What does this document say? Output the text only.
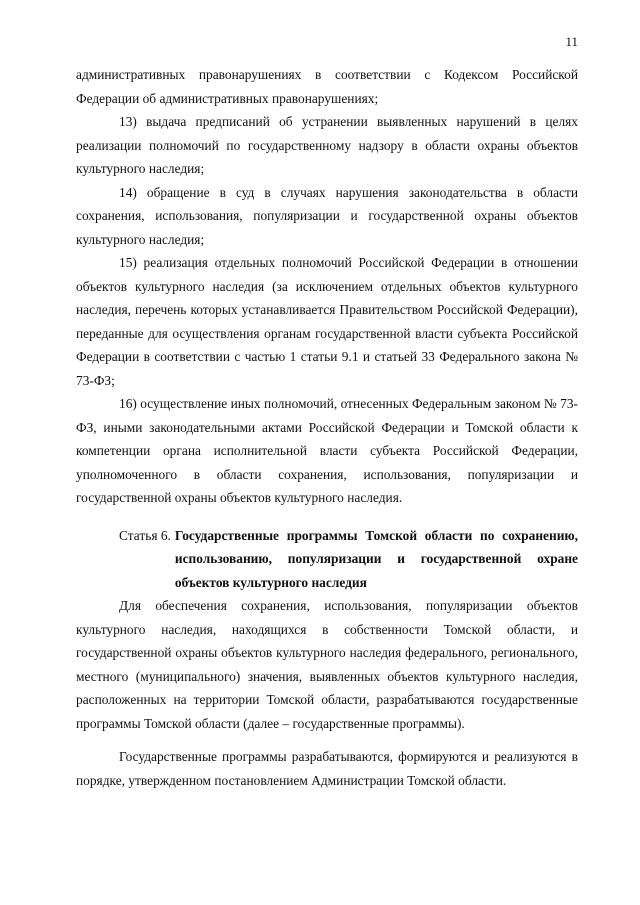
11

административных правонарушениях в соответствии с Кодексом Российской Федерации об административных правонарушениях;

13) выдача предписаний об устранении выявленных нарушений в целях реализации полномочий по государственному надзору в области охраны объектов культурного наследия;

14) обращение в суд в случаях нарушения законодательства в области сохранения, использования, популяризации и государственной охраны объектов культурного наследия;

15) реализация отдельных полномочий Российской Федерации в отношении объектов культурного наследия (за исключением отдельных объектов культурного наследия, перечень которых устанавливается Правительством Российской Федерации), переданные для осуществления органам государственной власти субъекта Российской Федерации в соответствии с частью 1 статьи 9.1 и статьей 33 Федерального закона № 73-ФЗ;

16) осуществление иных полномочий, отнесенных Федеральным законом № 73-ФЗ, иными законодательными актами Российской Федерации и Томской области к компетенции органа исполнительной власти субъекта Российской Федерации, уполномоченного в области сохранения, использования, популяризации и государственной охраны объектов культурного наследия.

Статья 6. Государственные программы Томской области по сохранению, использованию, популяризации и государственной охране объектов культурного наследия

Для обеспечения сохранения, использования, популяризации объектов культурного наследия, находящихся в собственности Томской области, и государственной охраны объектов культурного наследия федерального, регионального, местного (муниципального) значения, выявленных объектов культурного наследия, расположенных на территории Томской области, разрабатываются государственные программы Томской области (далее – государственные программы).

Государственные программы разрабатываются, формируются и реализуются в порядке, утвержденном постановлением Администрации Томской области.
